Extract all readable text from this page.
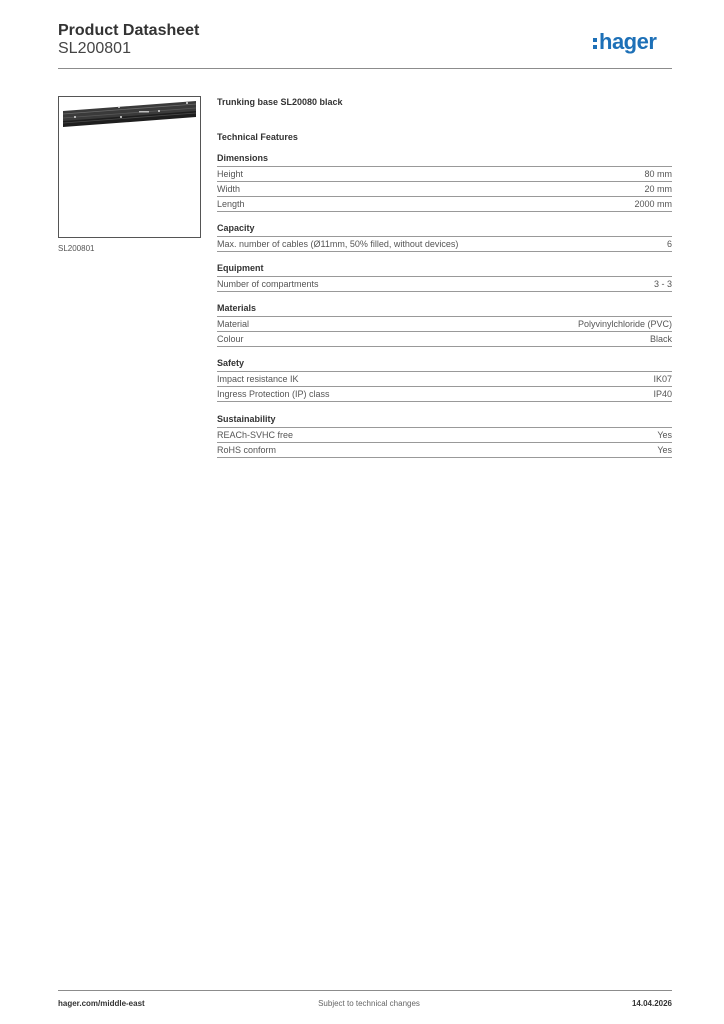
Product Datasheet
SL200801	hager
SL200801
Trunking base SL20080 black
Technical Features
Dimensions
Height	80 mm
Width	20 mm
Length	2000 mm
Capacity
Max. number of cables (Ø11mm, 50% filled, without devices)	6
Equipment
Number of compartments	3 - 3
Materials
Material	Polyvinylchloride (PVC)
Colour	Black
Safety
Impact resistance IK	IK07
Ingress Protection (IP) class	IP40
Sustainability
REACh-SVHC free	Yes
RoHS conform	Yes
hager.com/middle-east	Subject to technical changes	14.04.2026
